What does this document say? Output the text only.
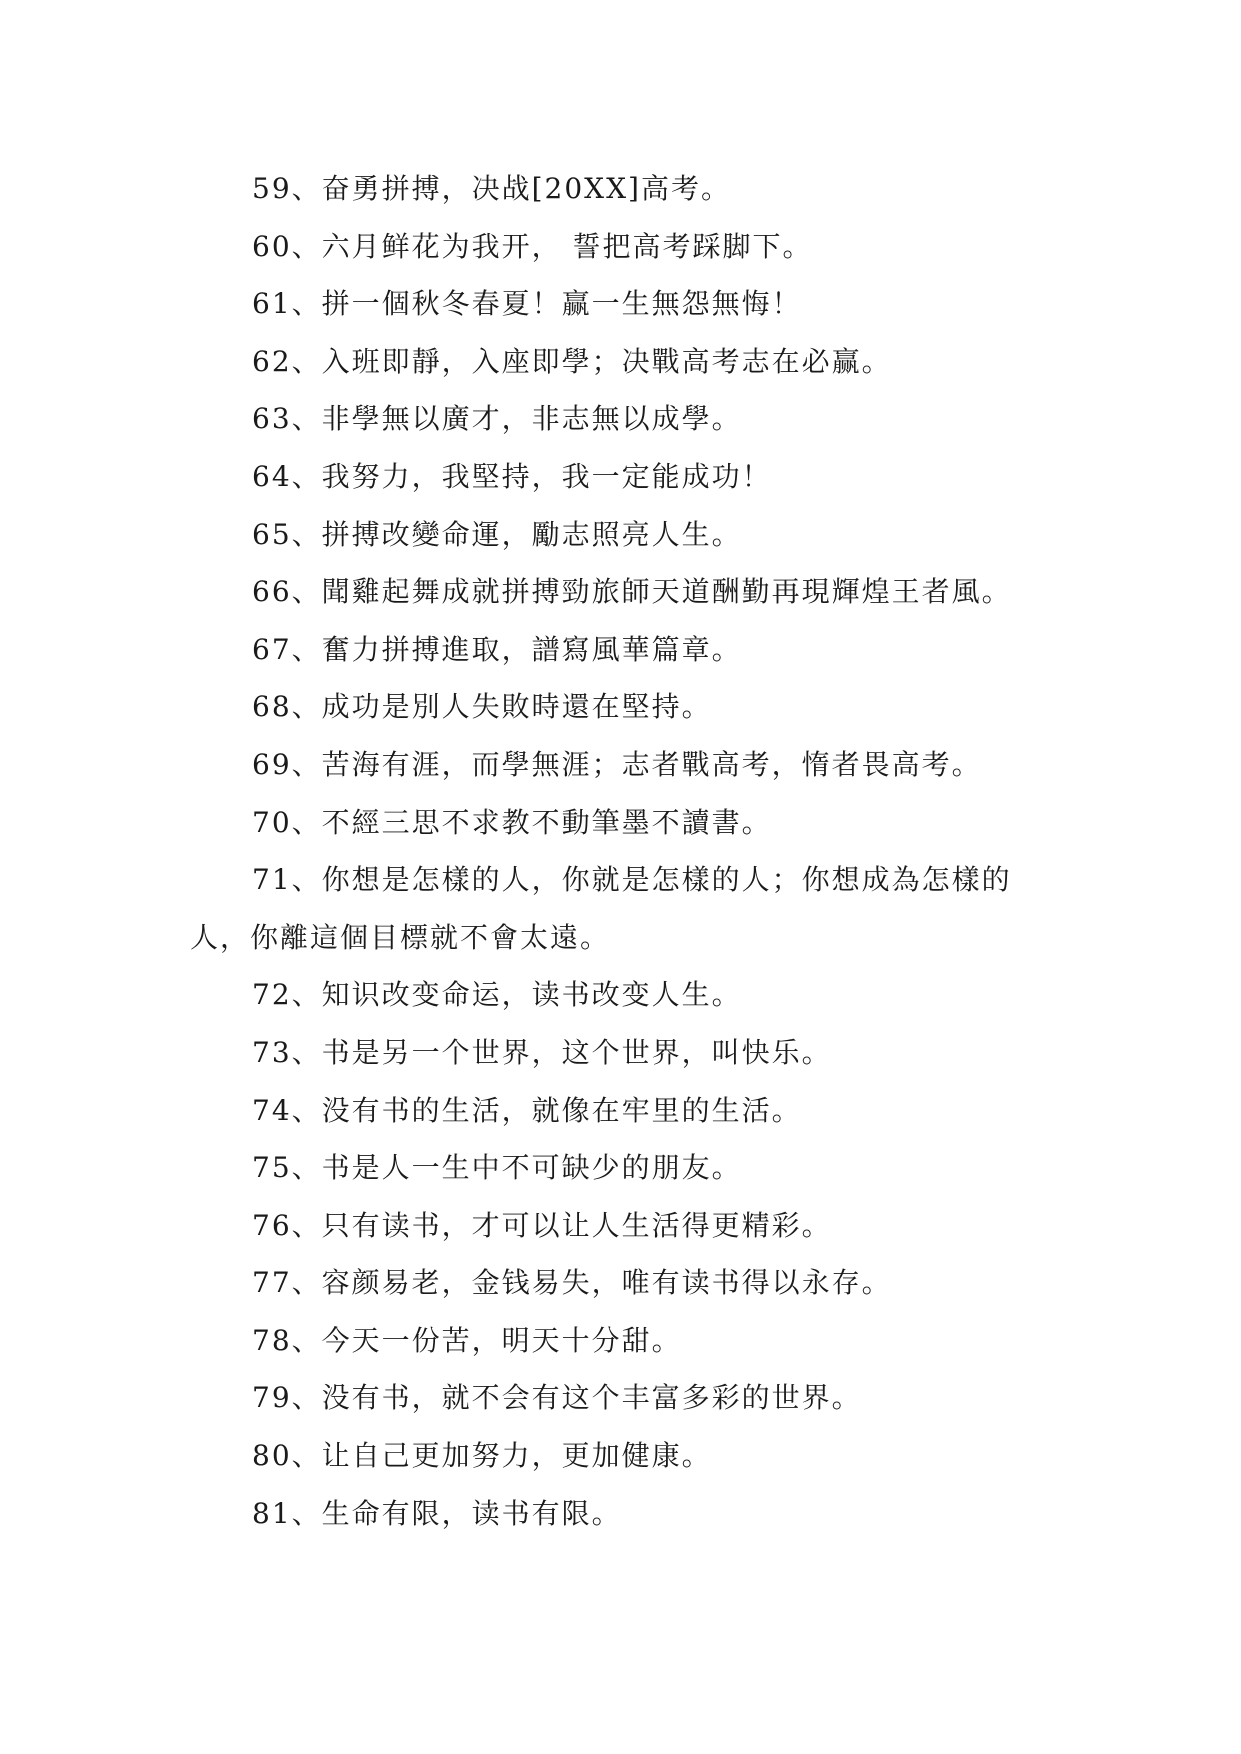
59、奋勇拼搏，决战[20XX]高考。
60、六月鲜花为我开， 誓把高考踩脚下。
61、拼一個秋冬春夏！赢一生無怨無悔！
62、入班即靜，入座即學；决戰高考志在必赢。
63、非學無以廣才，非志無以成學。
64、我努力，我堅持，我一定能成功！
65、拼搏改變命運，勵志照亮人生。
66、聞雞起舞成就拼搏勁旅師天道酬勤再現輝煌王者風。
67、奮力拼搏進取，譜寫風華篇章。
68、成功是別人失敗時還在堅持。
69、苦海有涯，而學無涯；志者戰高考，惰者畏高考。
70、不經三思不求教不動筆墨不讀書。
71、你想是怎樣的人，你就是怎樣的人；你想成為怎樣的人，你離這個目標就不會太遠。
72、知识改变命运，读书改变人生。
73、书是另一个世界，这个世界，叫快乐。
74、没有书的生活，就像在牢里的生活。
75、书是人一生中不可缺少的朋友。
76、只有读书，才可以让人生活得更精彩。
77、容颜易老，金钱易失，唯有读书得以永存。
78、今天一份苦，明天十分甜。
79、没有书，就不会有这个丰富多彩的世界。
80、让自己更加努力，更加健康。
81、生命有限，读书有限。
